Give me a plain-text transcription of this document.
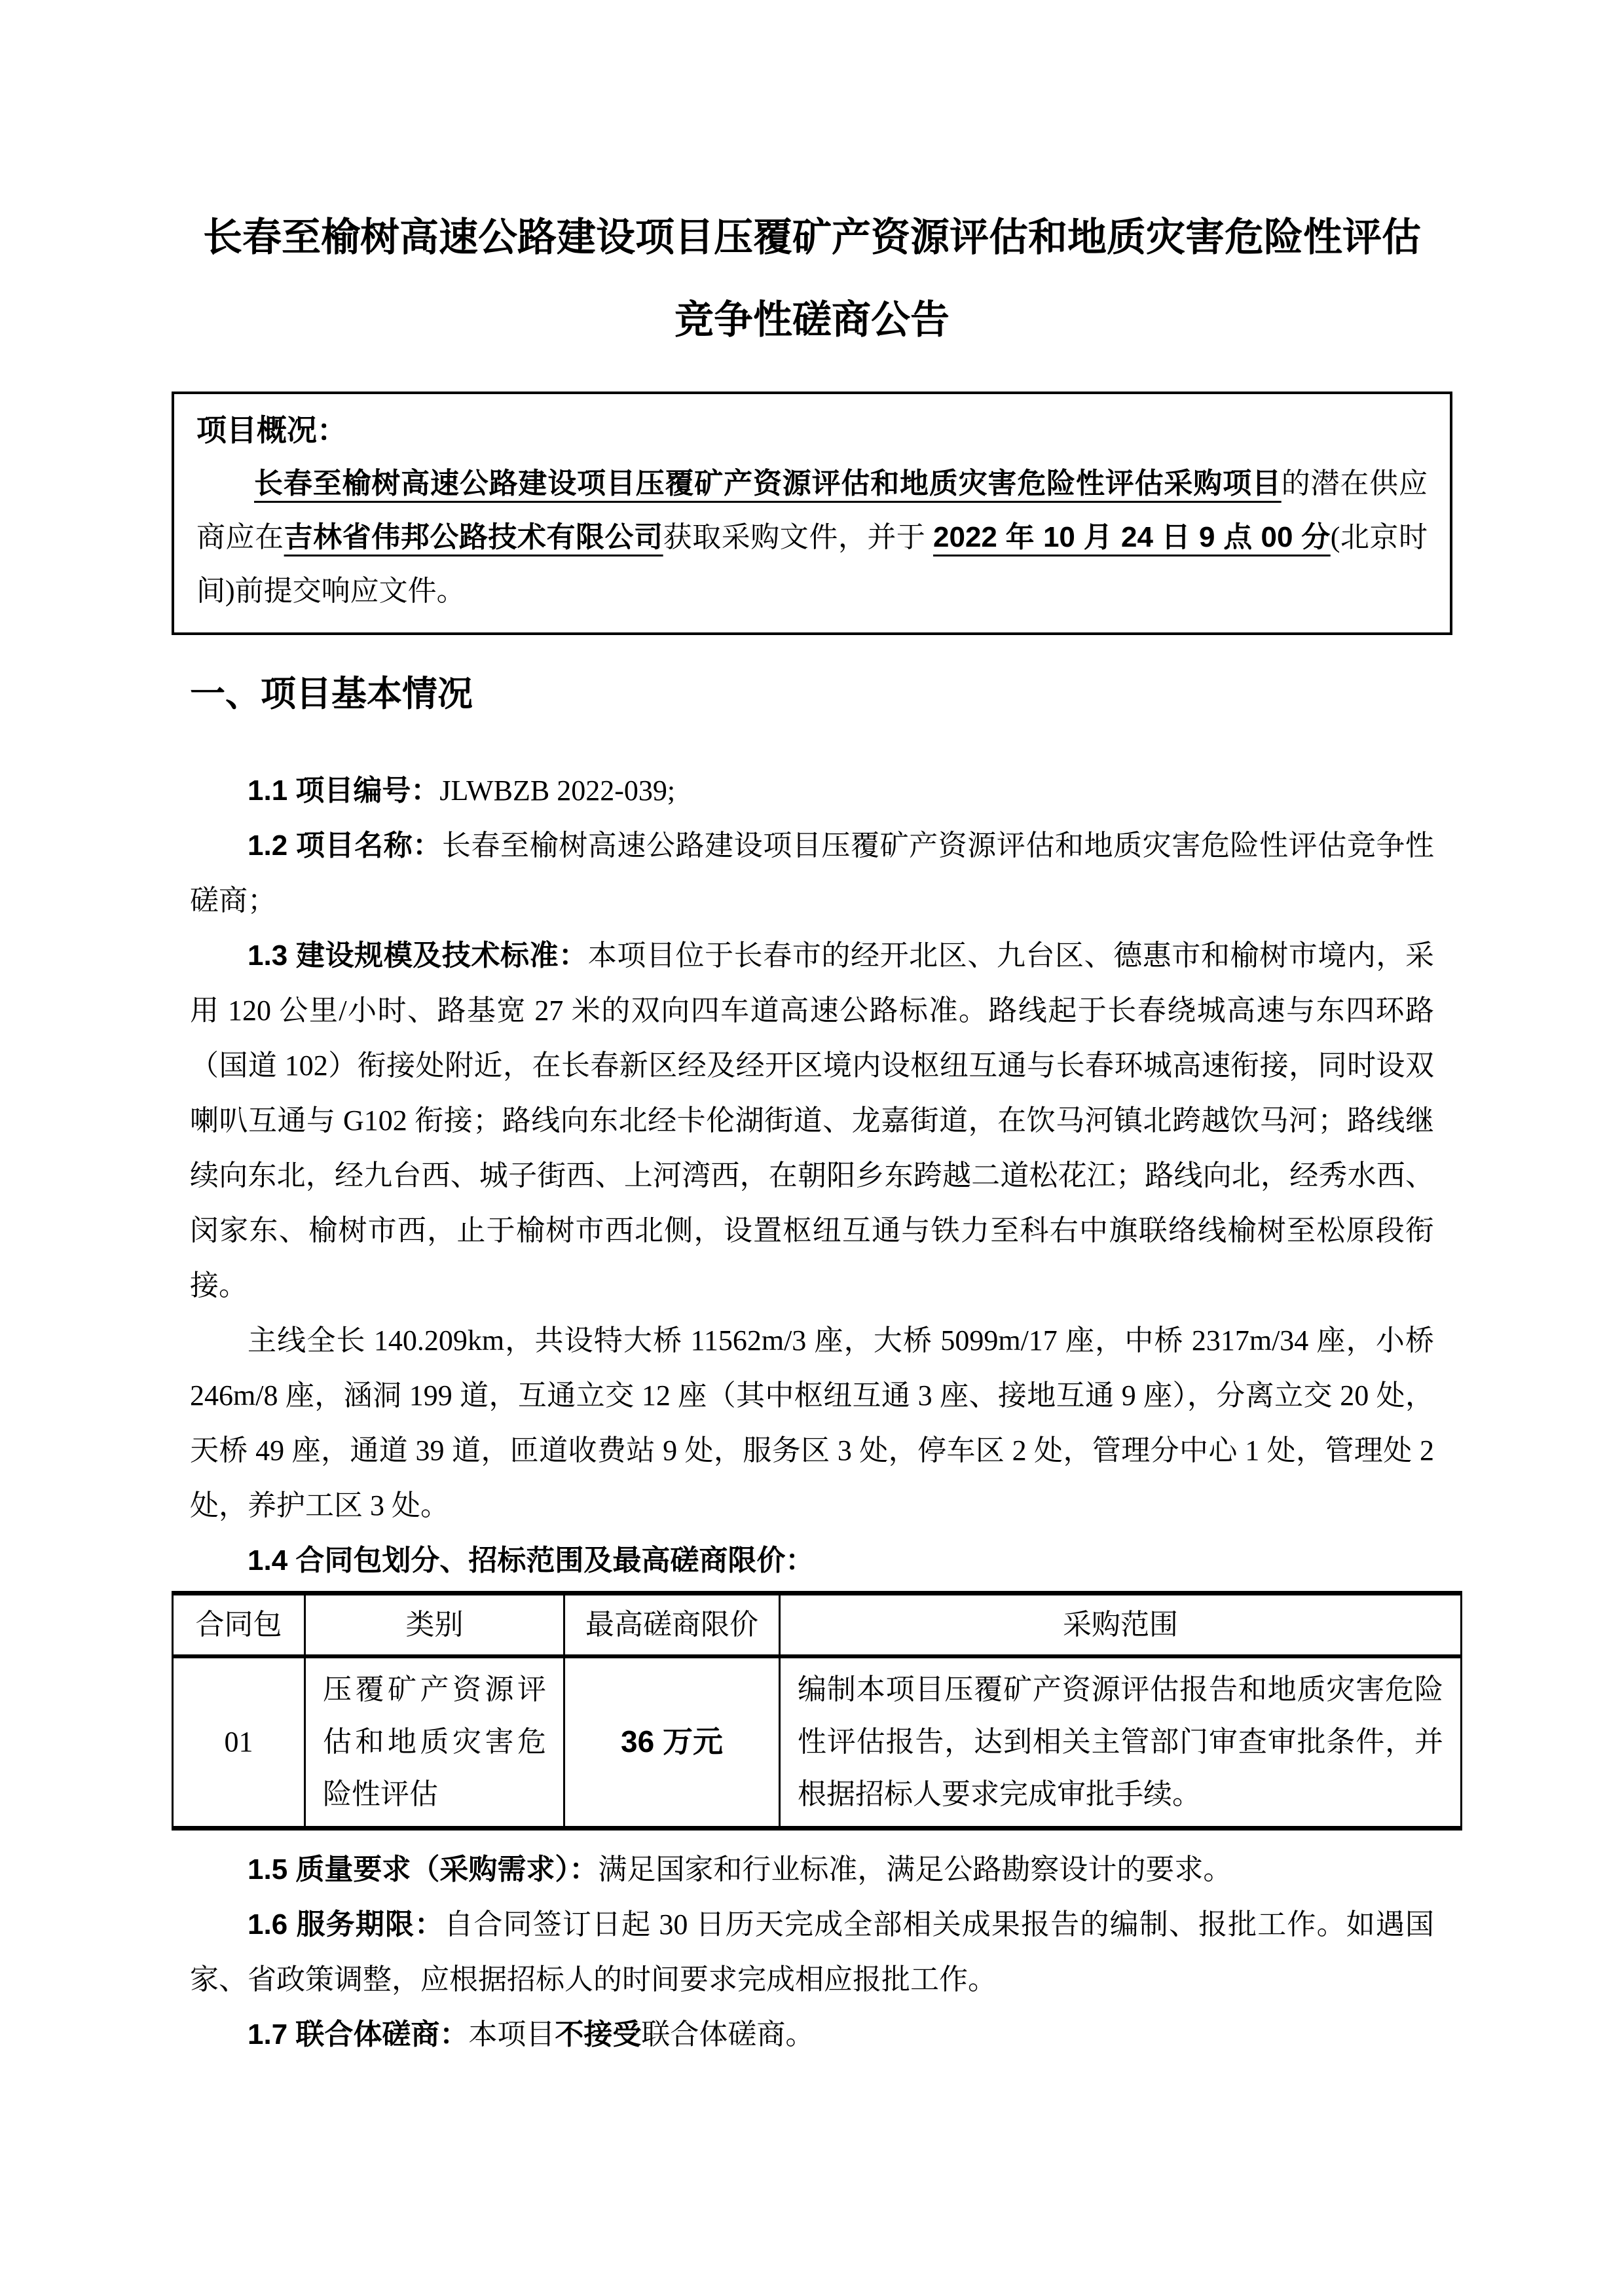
长春至榆树高速公路建设项目压覆矿产资源评估和地质灾害危险性评估
竞争性磋商公告

项目概况：

长春至榆树高速公路建设项目压覆矿产资源评估和地质灾害危险性评估采购项目的潜在供应商应在吉林省伟邦公路技术有限公司获取采购文件，并于 2022 年 10 月 24 日 9 点 00 分(北京时间)前提交响应文件。

一、项目基本情况

1.1 项目编号：JLWBZB 2022-039;

1.2 项目名称：长春至榆树高速公路建设项目压覆矿产资源评估和地质灾害危险性评估竞争性磋商；

1.3 建设规模及技术标准：本项目位于长春市的经开北区、九台区、德惠市和榆树市境内，采用 120 公里/小时、路基宽 27 米的双向四车道高速公路标准。路线起于长春绕城高速与东四环路（国道 102）衔接处附近，在长春新区经及经开区境内设枢纽互通与长春环城高速衔接，同时设双喇叭互通与 G102 衔接；路线向东北经卡伦湖街道、龙嘉街道，在饮马河镇北跨越饮马河；路线继续向东北，经九台西、城子街西、上河湾西，在朝阳乡东跨越二道松花江；路线向北，经秀水西、闵家东、榆树市西，止于榆树市西北侧，设置枢纽互通与铁力至科右中旗联络线榆树至松原段衔接。

主线全长 140.209km，共设特大桥 11562m/3 座，大桥 5099m/17 座，中桥 2317m/34 座，小桥 246m/8 座，涵洞 199 道，互通立交 12 座（其中枢纽互通 3 座、接地互通 9 座），分离立交 20 处，天桥 49 座，通道 39 道，匝道收费站 9 处，服务区 3 处，停车区 2 处，管理分中心 1 处，管理处 2 处，养护工区 3 处。

1.4 合同包划分、招标范围及最高磋商限价：

合同包	类别	最高磋商限价	采购范围
01	压覆矿产资源评估和地质灾害危险性评估	36 万元	编制本项目压覆矿产资源评估报告和地质灾害危险性评估报告，达到相关主管部门审查审批条件，并根据招标人要求完成审批手续。

1.5 质量要求（采购需求）：满足国家和行业标准，满足公路勘察设计的要求。

1.6 服务期限：自合同签订日起 30 日历天完成全部相关成果报告的编制、报批工作。如遇国家、省政策调整，应根据招标人的时间要求完成相应报批工作。

1.7 联合体磋商：本项目不接受联合体磋商。
